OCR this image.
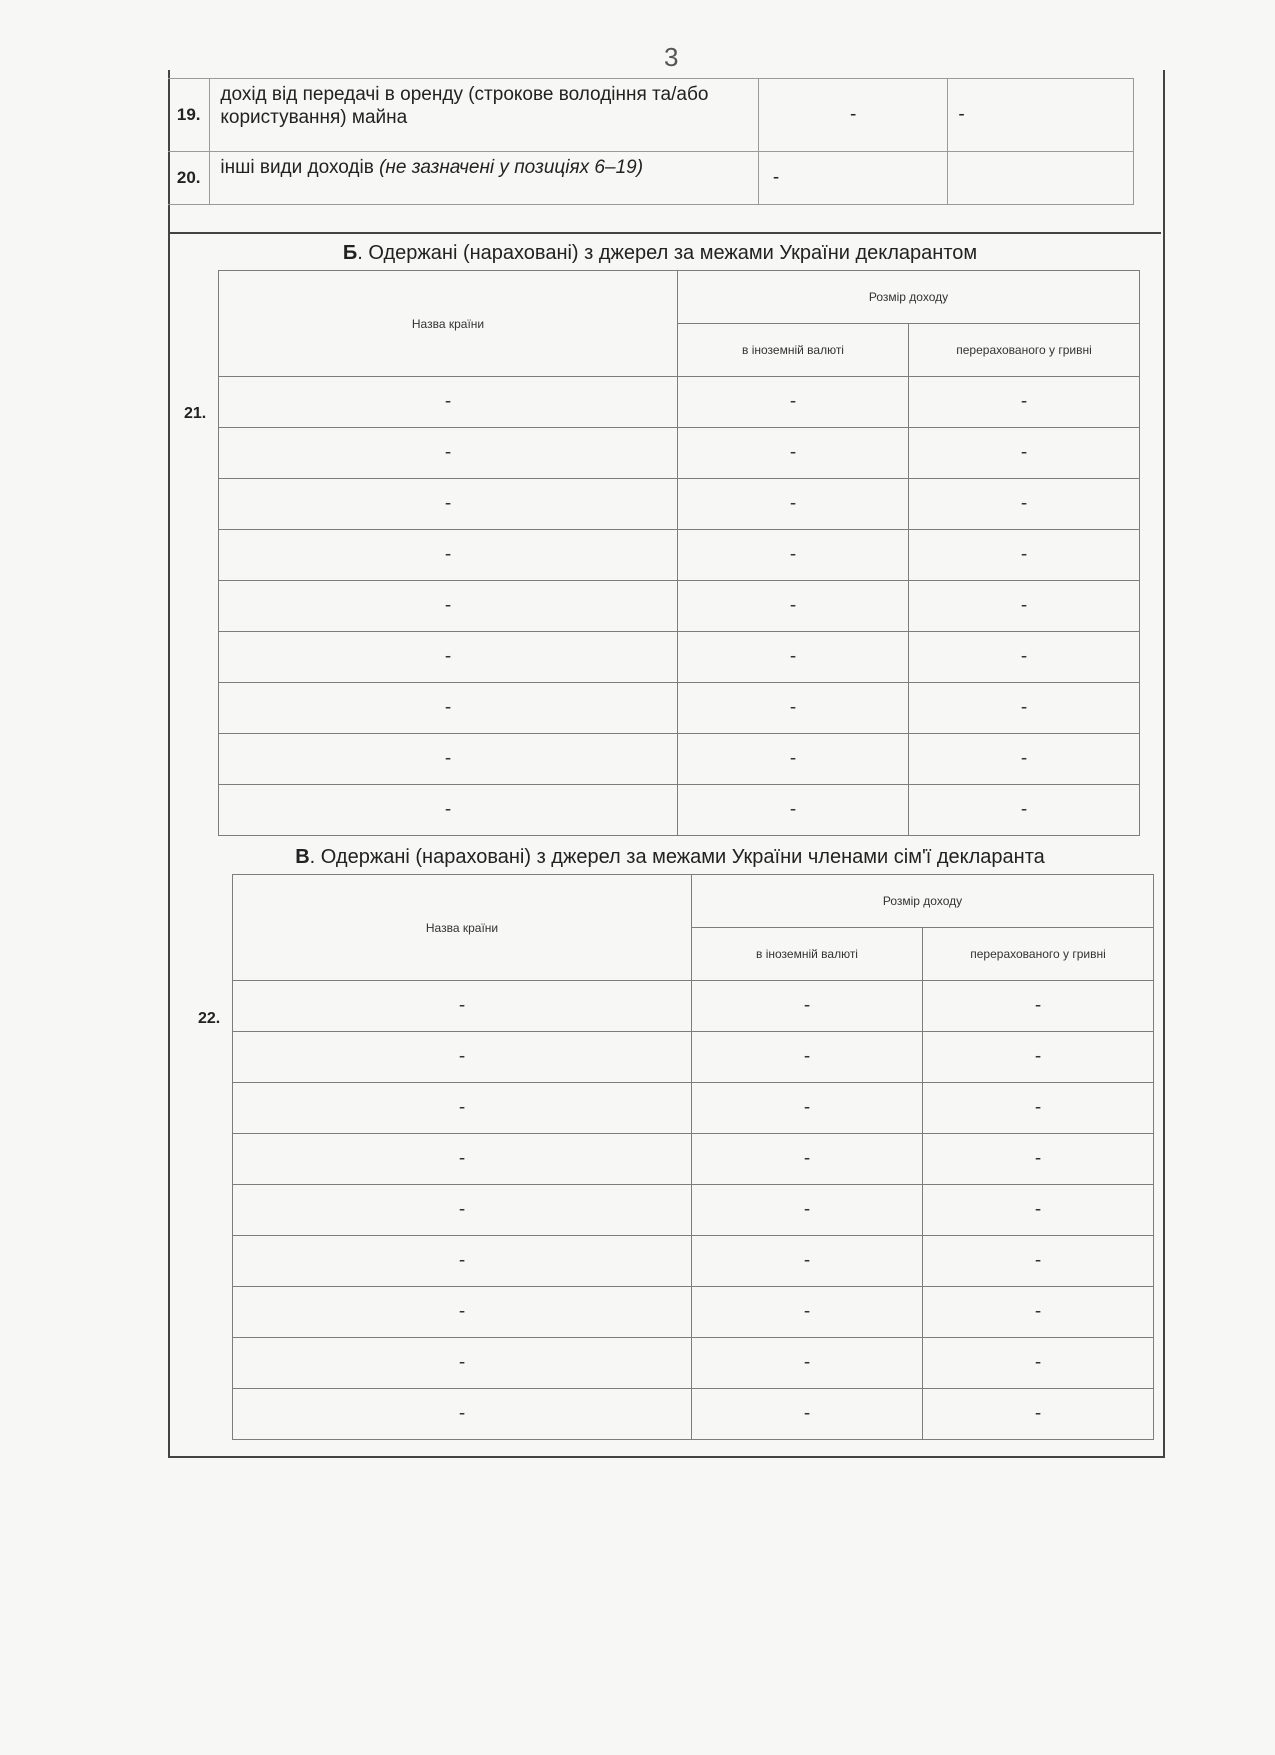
3
19.	дохід від передачі в оренду (строкове володіння та/або користування) майна	-	-
20.	інші види доходів (не зазначені у позиціях 6–19)	-	
Б. Одержані (нараховані) з джерел за межами України декларантом
21.
Назва країни	Розмір доходу	
	в іноземній валюті	перерахованого у гривні
-	-	-
-	-	-
-	-	-
-	-	-
-	-	-
-	-	-
-	-	-
-	-	-
-	-	-
В. Одержані (нараховані) з джерел за межами України членами сім'ї декларанта
22.
Назва країни	Розмір доходу	
	в іноземній валюті	перерахованого у гривні
-	-	-
-	-	-
-	-	-
-	-	-
-	-	-
-	-	-
-	-	-
-	-	-
-	-	-
